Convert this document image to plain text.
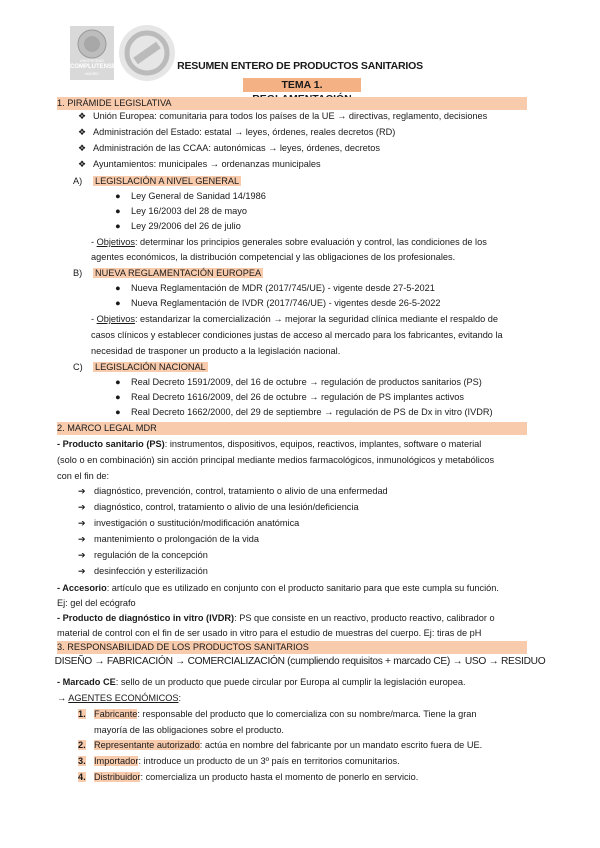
UNIVERSIDAD
COMPLUTENSE
MADRID
RESUMEN ENTERO DE PRODUCTOS SANITARIOS
TEMA 1.
1. PIRÁMIDE LEGISLATIVA
❖ Unión Europea: comunitaria para todos los países de la UE → directivas, reglamento, decisiones
❖ Administración del Estado: estatal → leyes, órdenes, reales decretos (RD)
❖ Administración de las CCAA: autonómicas → leyes, órdenes, decretos
❖ Ayuntamientos: municipales → ordenanzas municipales
A) LEGISLACIÓN A NIVEL GENERAL
● Ley General de Sanidad 14/1986
● Ley 16/2003 del 28 de mayo
● Ley 29/2006 del 26 de julio
- Objetivos: determinar los principios generales sobre evaluación y control, las condiciones de los
agentes económicos, la distribución competencial y las obligaciones de los profesionales.
B) NUEVA REGLAMENTACIÓN EUROPEA
● Nueva Reglamentación de MDR (2017/745/UE) - vigente desde 27-5-2021
● Nueva Reglamentación de IVDR (2017/746/UE) - vigentes desde 26-5-2022
- Objetivos: estandarizar la comercialización → mejorar la seguridad clínica mediante el respaldo de
casos clínicos y establecer condiciones justas de acceso al mercado para los fabricantes, evitando la
necesidad de trasponer un producto a la legislación nacional.
C) LEGISLACIÓN NACIONAL
● Real Decreto 1591/2009, del 16 de octubre → regulación de productos sanitarios (PS)
● Real Decreto 1616/2009, del 26 de octubre → regulación de PS implantes activos
● Real Decreto 1662/2000, del 29 de septiembre → regulación de PS de Dx in vitro (IVDR)
2. MARCO LEGAL MDR
- Producto sanitario (PS): instrumentos, dispositivos, equipos, reactivos, implantes, software o material
(solo o en combinación) sin acción principal mediante medios farmacológicos, inmunológicos y metabólicos
con el fin de:
➔ diagnóstico, prevención, control, tratamiento o alivio de una enfermedad
➔ diagnóstico, control, tratamiento o alivio de una lesión/deficiencia
➔ investigación o sustitución/modificación anatómica
➔ mantenimiento o prolongación de la vida
➔ regulación de la concepción
➔ desinfección y esterilización
- Accesorio: artículo que es utilizado en conjunto con el producto sanitario para que este cumpla su función.
Ej: gel del ecógrafo
- Producto de diagnóstico in vitro (IVDR): PS que consiste en un reactivo, producto reactivo, calibrador o
material de control con el fin de ser usado in vitro para el estudio de muestras del cuerpo. Ej: tiras de pH
3. RESPONSABILIDAD DE LOS PRODUCTOS SANITARIOS
DISEÑO → FABRICACIÓN → COMERCIALIZACIÓN (cumpliendo requisitos + marcado CE) → USO → RESIDUO
- Marcado CE: sello de un producto que puede circular por Europa al cumplir la legislación europea.
→ AGENTES ECONÓMICOS:
1. Fabricante: responsable del producto que lo comercializa con su nombre/marca. Tiene la gran
mayoría de las obligaciones sobre el producto.
2. Representante autorizado: actúa en nombre del fabricante por un mandato escrito fuera de UE.
3. Importador: introduce un producto de un 3º país en territorios comunitarios.
4. Distribuidor: comercializa un producto hasta el momento de ponerlo en servicio.
